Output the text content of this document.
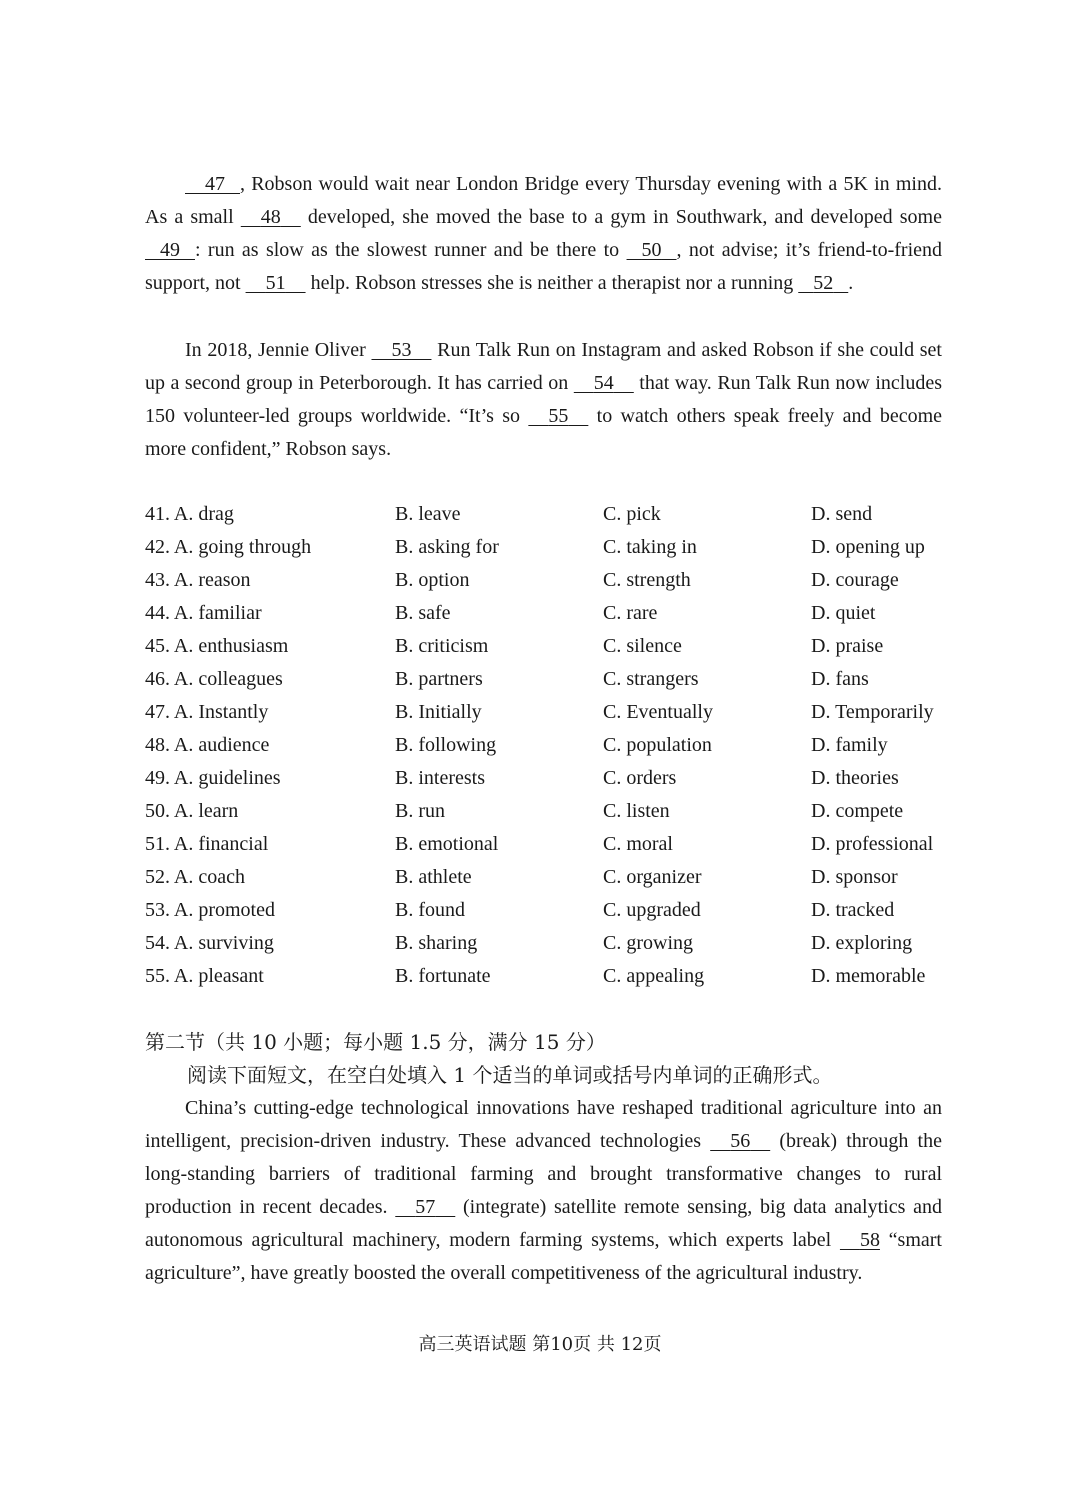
47 , Robson would wait near London Bridge every Thursday evening with a 5K in mind. As a small     48     developed, she moved the base to a gym in Southwark, and developed some    49 : run as slow as the slowest runner and be there to    50 , not advise; it’s friend-to-friend support, not     51     help. Robson stresses she is neither a therapist nor a running    52 .
In 2018, Jennie Oliver     53     Run Talk Run on Instagram and asked Robson if she could set up a second group in Peterborough. It has carried on     54     that way. Run Talk Run now includes 150 volunteer-led groups worldwide. “It’s so     55     to watch others speak freely and become more confident,” Robson says.
41. A. drag	B. leave	C. pick	D. send
42. A. going through	B. asking for	C. taking in	D. opening up
43. A. reason	B. option	C. strength	D. courage
44. A. familiar	B. safe	C. rare	D. quiet
45. A. enthusiasm	B. criticism	C. silence	D. praise
46. A. colleagues	B. partners	C. strangers	D. fans
47. A. Instantly	B. Initially	C. Eventually	D. Temporarily
48. A. audience	B. following	C. population	D. family
49. A. guidelines	B. interests	C. orders	D. theories
50. A. learn	B. run	C. listen	D. compete
51. A. financial	B. emotional	C. moral	D. professional
52. A. coach	B. athlete	C. organizer	D. sponsor
53. A. promoted	B. found	C. upgraded	D. tracked
54. A. surviving	B. sharing	C. growing	D. exploring
55. A. pleasant	B. fortunate	C. appealing	D. memorable
第二节（共 10 小题；每小题 1.5 分，满分 15 分）
阅读下面短文，在空白处填入 1 个适当的单词或括号内单词的正确形式。
China’s cutting-edge technological innovations have reshaped traditional agriculture into an intelligent, precision-driven industry. These advanced technologies     56     (break) through the long-standing barriers of traditional farming and brought transformative changes to rural production in recent decades.     57     (integrate) satellite remote sensing, big data analytics and autonomous agricultural machinery, modern farming systems, which experts label     58 “smart agriculture”, have greatly boosted the overall competitiveness of the agricultural industry.
高三英语试题 第10页 共 12页
